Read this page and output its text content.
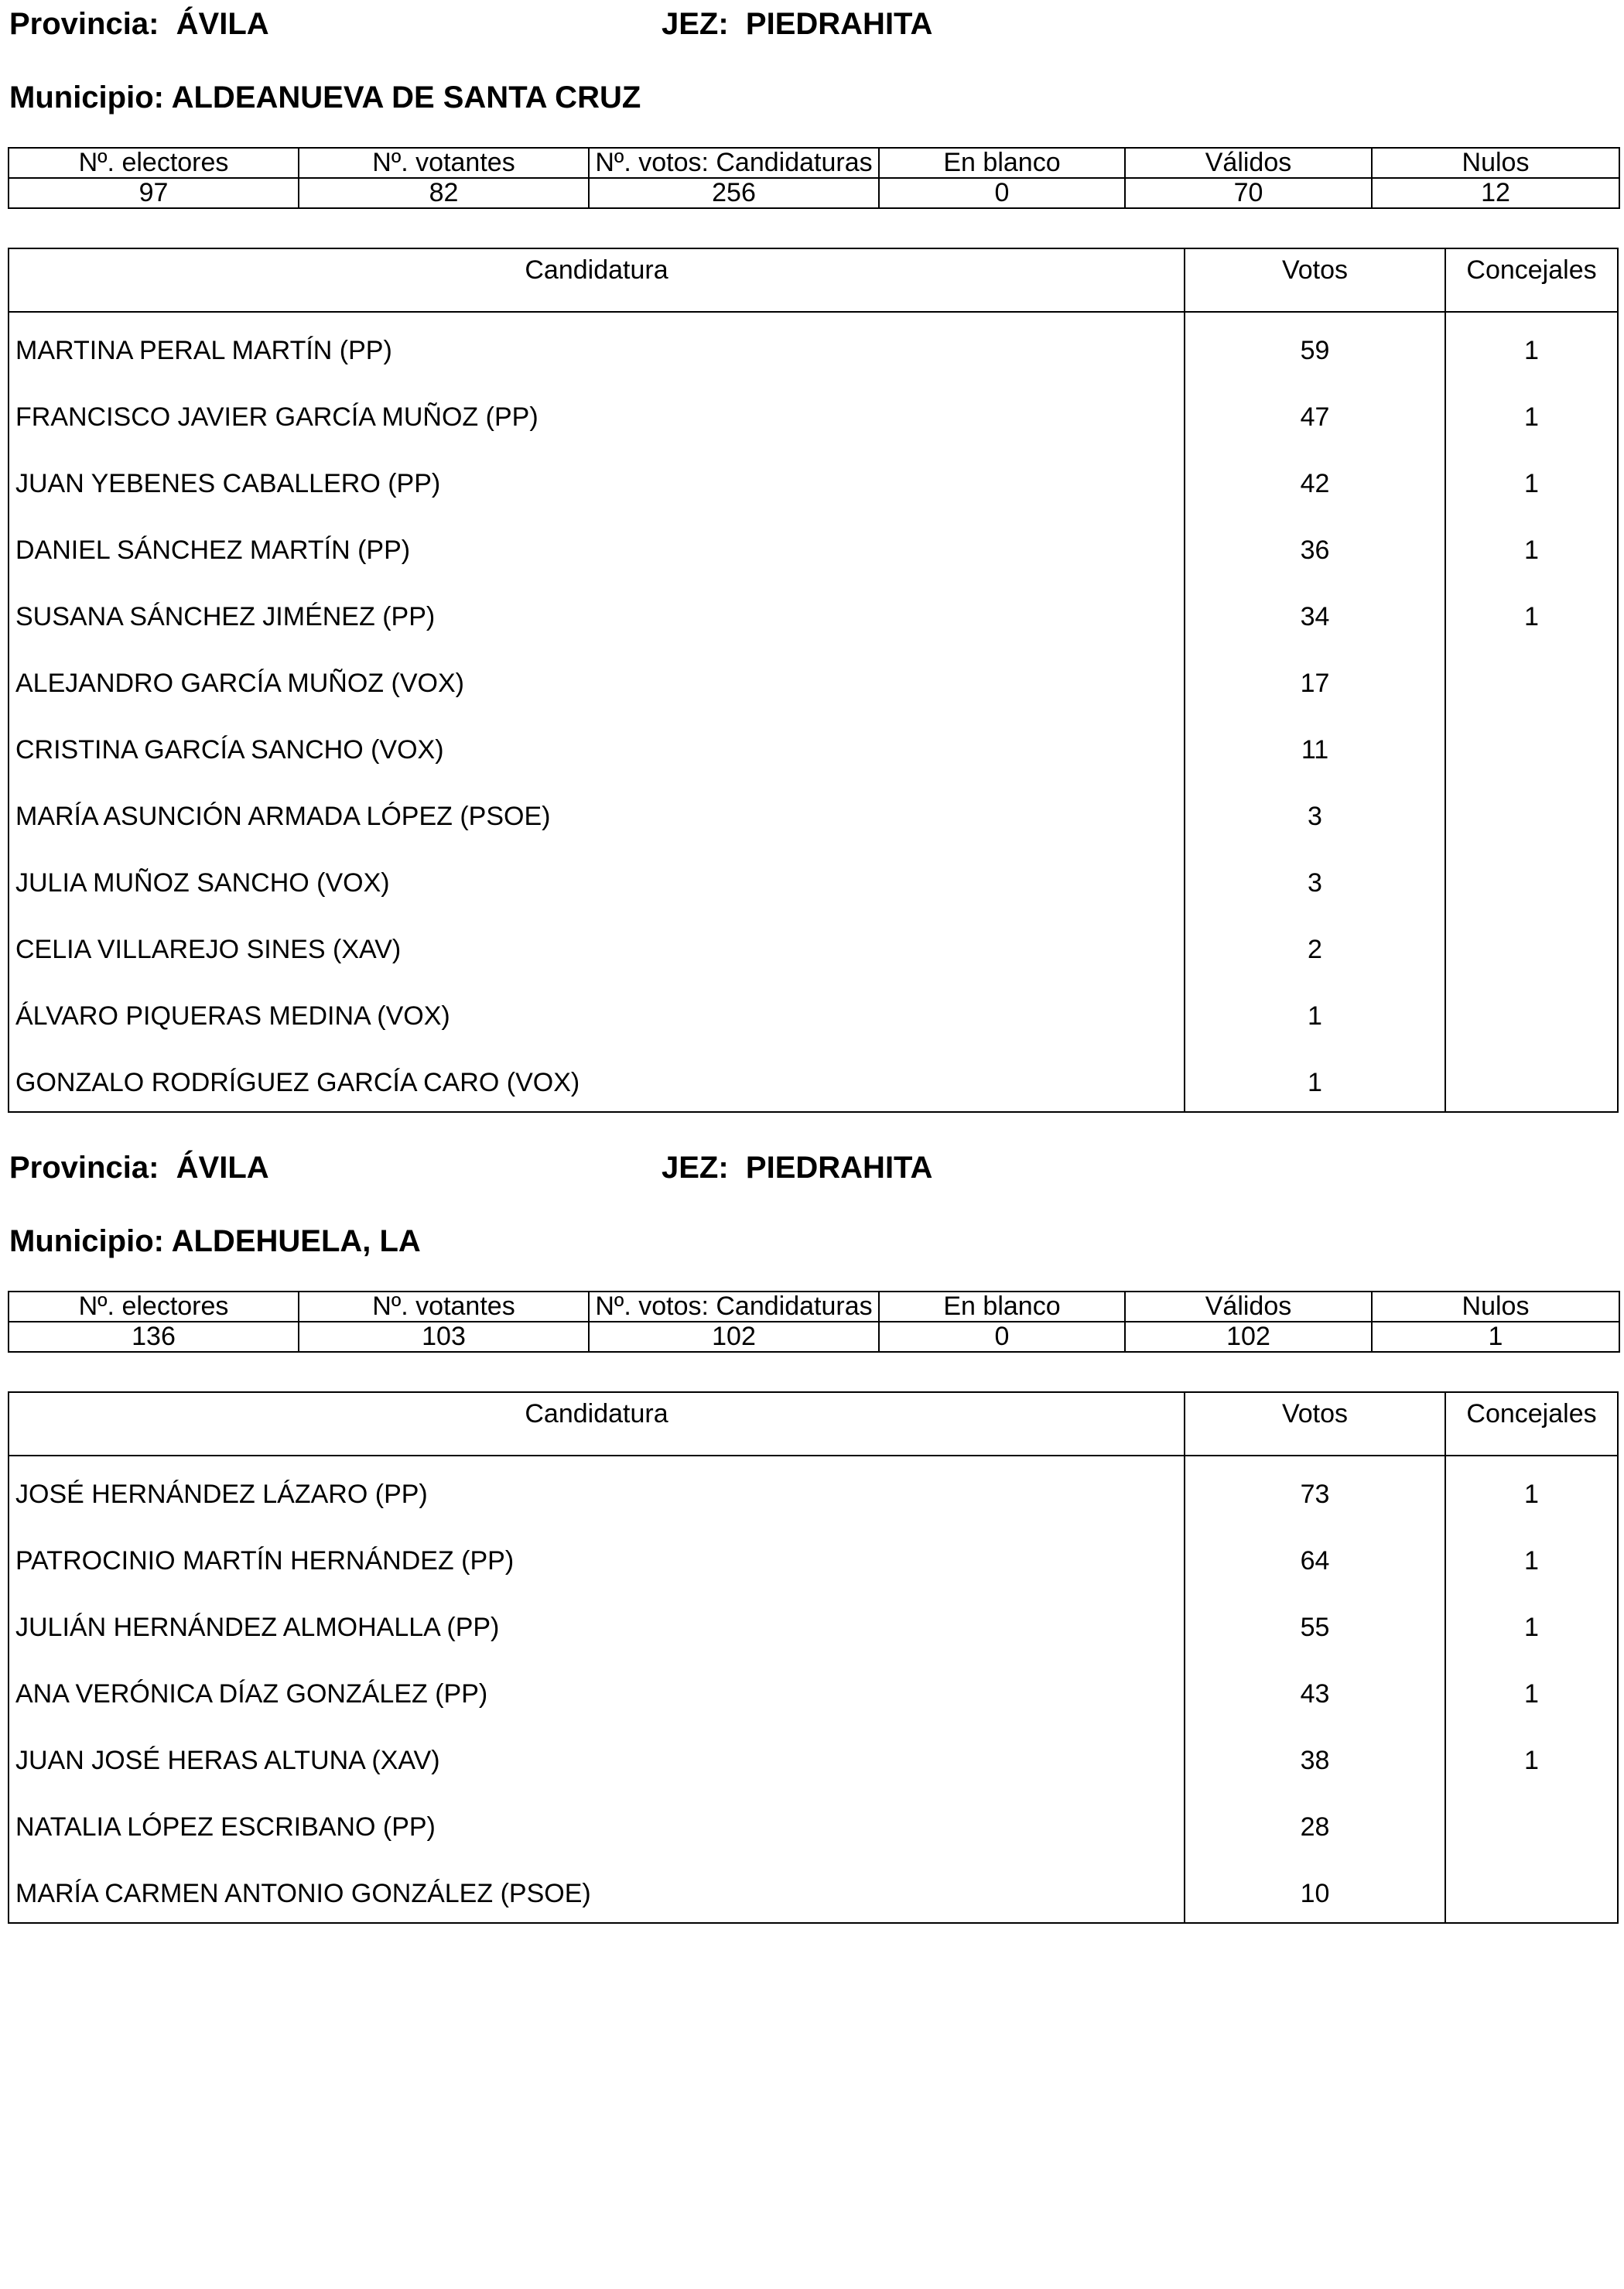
Provincia: ÁVILA	JEZ: PIEDRAHITA
Municipio: ALDEANUEVA DE SANTA CRUZ
Nº. electores	Nº. votantes	Nº. votos: Candidaturas	En blanco	Válidos	Nulos
97	82	256	0	70	12
Candidatura	Votos	Concejales
MARTINA PERAL MARTÍN (PP)	59	1
FRANCISCO JAVIER GARCÍA MUÑOZ (PP)	47	1
JUAN YEBENES CABALLERO (PP)	42	1
DANIEL SÁNCHEZ MARTÍN (PP)	36	1
SUSANA SÁNCHEZ JIMÉNEZ (PP)	34	1
ALEJANDRO GARCÍA MUÑOZ (VOX)	17
CRISTINA GARCÍA SANCHO (VOX)	11
MARÍA ASUNCIÓN ARMADA LÓPEZ (PSOE)	3
JULIA MUÑOZ SANCHO (VOX)	3
CELIA VILLAREJO SINES (XAV)	2
ÁLVARO PIQUERAS MEDINA (VOX)	1
GONZALO RODRÍGUEZ GARCÍA CARO (VOX)	1
Provincia: ÁVILA	JEZ: PIEDRAHITA
Municipio: ALDEHUELA, LA
Nº. electores	Nº. votantes	Nº. votos: Candidaturas	En blanco	Válidos	Nulos
136	103	102	0	102	1
Candidatura	Votos	Concejales
JOSÉ HERNÁNDEZ LÁZARO (PP)	73	1
PATROCINIO MARTÍN HERNÁNDEZ (PP)	64	1
JULIÁN HERNÁNDEZ ALMOHALLA (PP)	55	1
ANA VERÓNICA DÍAZ GONZÁLEZ (PP)	43	1
JUAN JOSÉ HERAS ALTUNA (XAV)	38	1
NATALIA LÓPEZ ESCRIBANO (PP)	28
MARÍA CARMEN ANTONIO GONZÁLEZ (PSOE)	10
